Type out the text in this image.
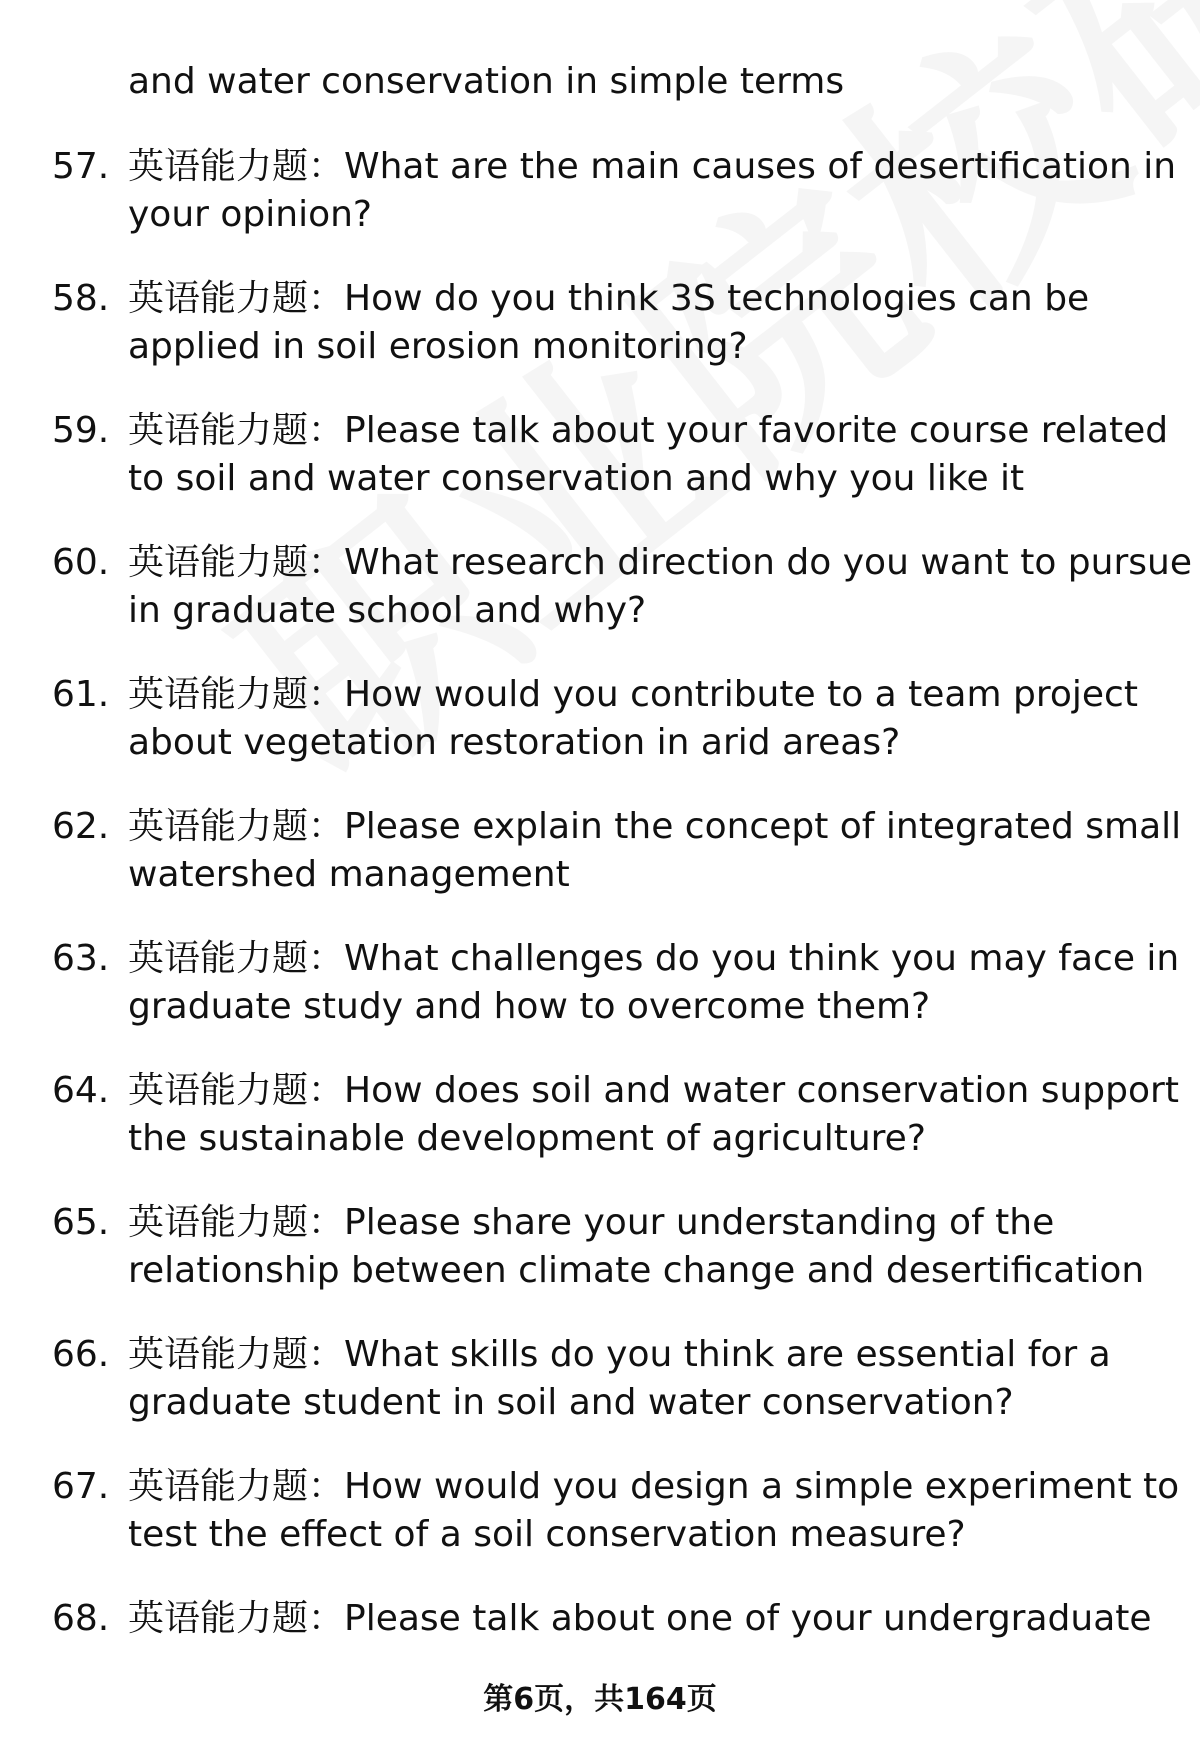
and water conservation in simple terms
57. 英语能力题：What are the main causes of desertification in
your opinion?
58. 英语能力题：How do you think 3S technologies can be
applied in soil erosion monitoring?
59. 英语能力题：Please talk about your favorite course related
to soil and water conservation and why you like it
60. 英语能力题：What research direction do you want to pursue
in graduate school and why?
61. 英语能力题：How would you contribute to a team project
about vegetation restoration in arid areas?
62. 英语能力题：Please explain the concept of integrated small
watershed management
63. 英语能力题：What challenges do you think you may face in
graduate study and how to overcome them?
64. 英语能力题：How does soil and water conservation support
the sustainable development of agriculture?
65. 英语能力题：Please share your understanding of the
relationship between climate change and desertification
66. 英语能力题：What skills do you think are essential for a
graduate student in soil and water conservation?
67. 英语能力题：How would you design a simple experiment to
test the effect of a soil conservation measure?
68. 英语能力题：Please talk about one of your undergraduate
第6页，共164页
